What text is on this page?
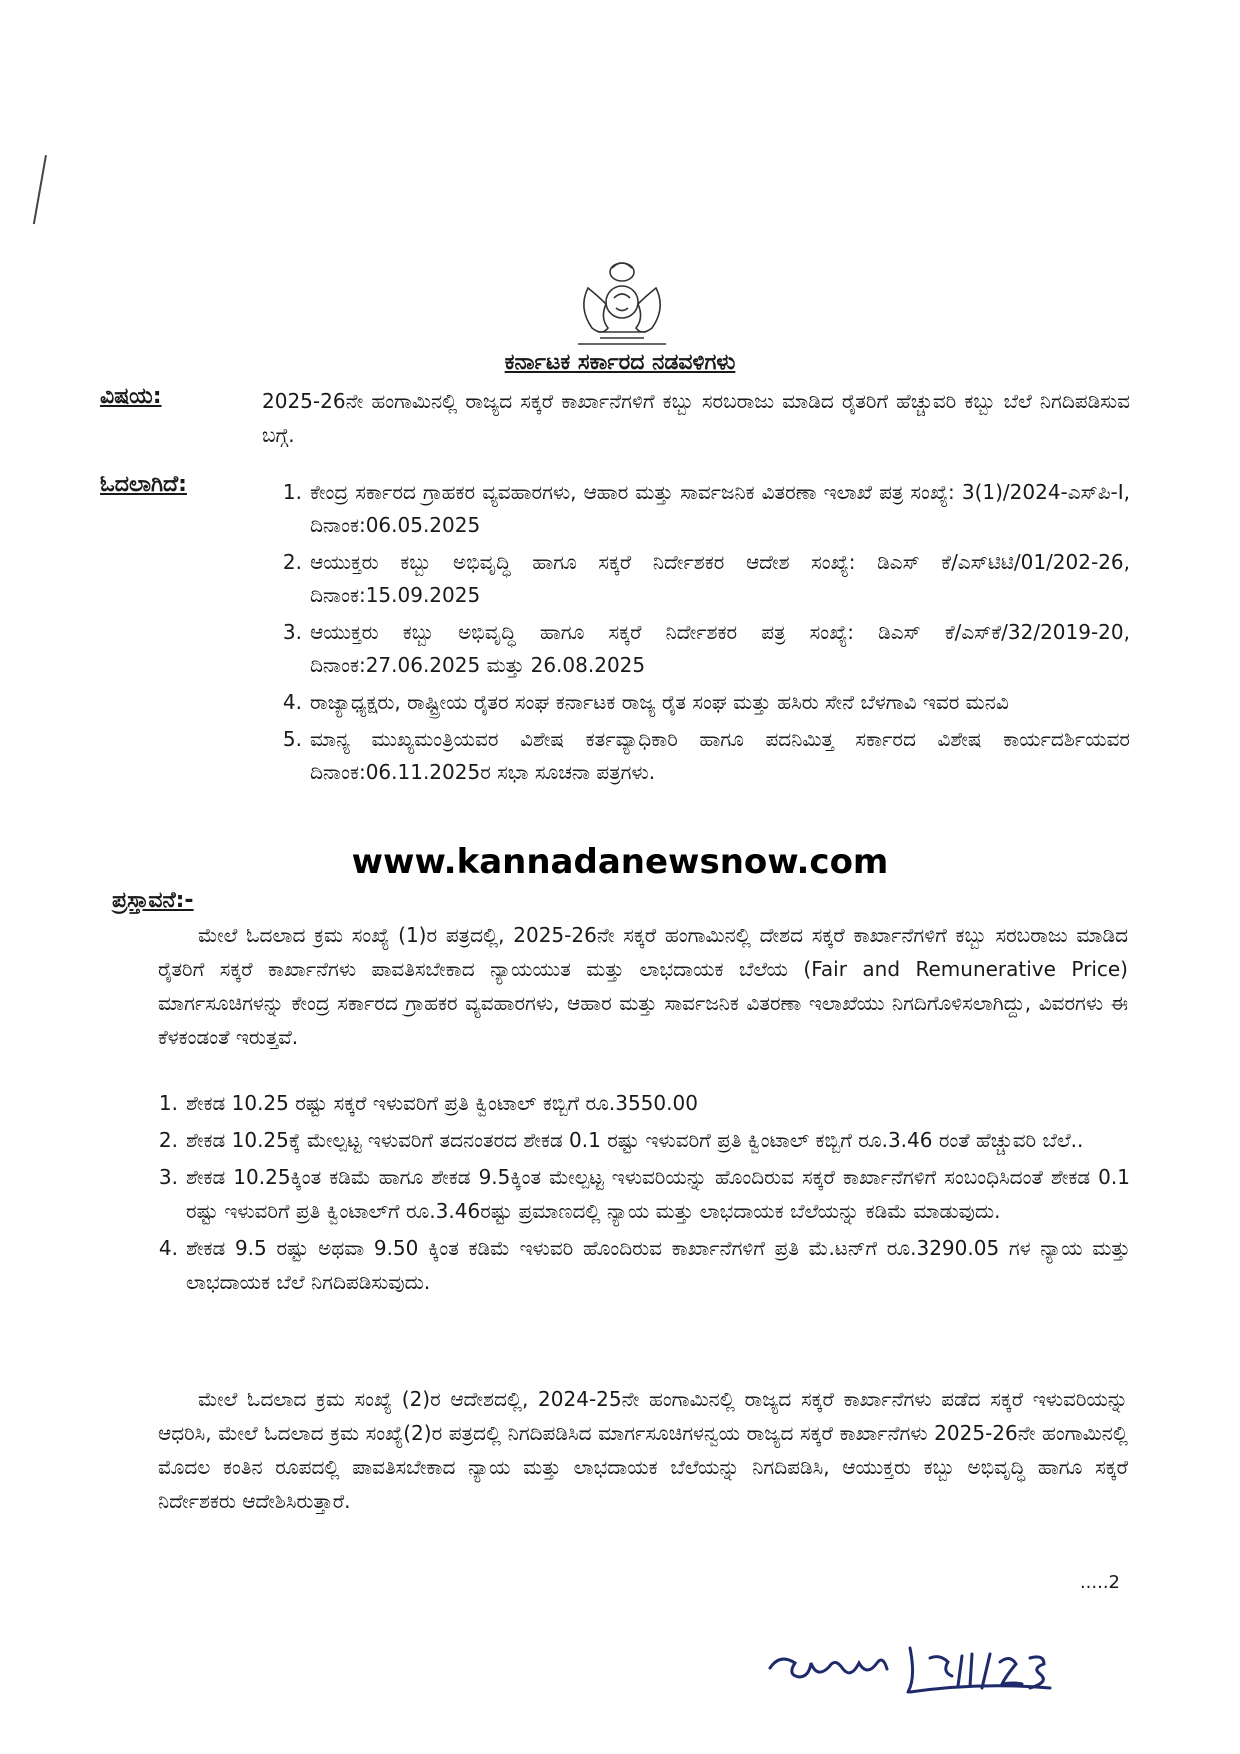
ಕರ್ನಾಟಕ ಸರ್ಕಾರದ ನಡವಳಿಗಳು
ವಿಷಯ:	2025-26ನೇ ಹಂಗಾಮಿನಲ್ಲಿ ರಾಜ್ಯದ ಸಕ್ಕರೆ ಕಾರ್ಖಾನೆಗಳಿಗೆ ಕಬ್ಬು ಸರಬರಾಜು ಮಾಡಿದ ರೈತರಿಗೆ ಹೆಚ್ಚುವರಿ ಕಬ್ಬು ಬೆಲೆ ನಿಗದಿಪಡಿಸುವ ಬಗ್ಗೆ.
ಓದಲಾಗಿದೆ:	1. ಕೇಂದ್ರ ಸರ್ಕಾರದ ಗ್ರಾಹಕರ ವ್ಯವಹಾರಗಳು, ಆಹಾರ ಮತ್ತು ಸಾರ್ವಜನಿಕ ವಿತರಣಾ ಇಲಾಖೆ ಪತ್ರ ಸಂಖ್ಯೆ: 3(1)/2024-ಎಸ್‌ಪಿ-I, ದಿನಾಂಕ:06.05.2025
2. ಆಯುಕ್ತರು ಕಬ್ಬು ಅಭಿವೃದ್ಧಿ ಹಾಗೂ ಸಕ್ಕರೆ ನಿರ್ದೇಶಕರ ಆದೇಶ ಸಂಖ್ಯೆ: ಡಿಎಸ್ ಕೆ/ಎಸ್‌ಟಿಟಿ/01/202-26, ದಿನಾಂಕ:15.09.2025
3. ಆಯುಕ್ತರು ಕಬ್ಬು ಅಭಿವೃದ್ಧಿ ಹಾಗೂ ಸಕ್ಕರೆ ನಿರ್ದೇಶಕರ ಪತ್ರ ಸಂಖ್ಯೆ: ಡಿಎಸ್ ಕೆ/ಎಸ್‌ಕೆ/32/2019-20, ದಿನಾಂಕ:27.06.2025 ಮತ್ತು 26.08.2025
4. ರಾಜ್ಯಾಧ್ಯಕ್ಷರು, ರಾಷ್ಟ್ರೀಯ ರೈತರ ಸಂಘ ಕರ್ನಾಟಕ ರಾಜ್ಯ ರೈತ ಸಂಘ ಮತ್ತು ಹಸಿರು ಸೇನೆ ಬೆಳಗಾವಿ ಇವರ ಮನವಿ
5. ಮಾನ್ಯ ಮುಖ್ಯಮಂತ್ರಿಯವರ ವಿಶೇಷ ಕರ್ತವ್ಯಾಧಿಕಾರಿ ಹಾಗೂ ಪದನಿಮಿತ್ತ ಸರ್ಕಾರದ ವಿಶೇಷ ಕಾರ್ಯದರ್ಶಿಯವರ ದಿನಾಂಕ:06.11.2025ರ ಸಭಾ ಸೂಚನಾ ಪತ್ರಗಳು.
www.kannadanewsnow.com
ಪ್ರಸ್ತಾವನೆ:-
ಮೇಲೆ ಓದಲಾದ ಕ್ರಮ ಸಂಖ್ಯೆ (1)ರ ಪತ್ರದಲ್ಲಿ, 2025-26ನೇ ಸಕ್ಕರೆ ಹಂಗಾಮಿನಲ್ಲಿ ದೇಶದ ಸಕ್ಕರೆ ಕಾರ್ಖಾನೆಗಳಿಗೆ ಕಬ್ಬು ಸರಬರಾಜು ಮಾಡಿದ ರೈತರಿಗೆ ಸಕ್ಕರೆ ಕಾರ್ಖಾನೆಗಳು ಪಾವತಿಸಬೇಕಾದ ನ್ಯಾಯಯುತ ಮತ್ತು ಲಾಭದಾಯಕ ಬೆಲೆಯ (Fair and Remunerative Price) ಮಾರ್ಗಸೂಚಿಗಳನ್ನು ಕೇಂದ್ರ ಸರ್ಕಾರದ ಗ್ರಾಹಕರ ವ್ಯವಹಾರಗಳು, ಆಹಾರ ಮತ್ತು ಸಾರ್ವಜನಿಕ ವಿತರಣಾ ಇಲಾಖೆಯು ನಿಗದಿಗೊಳಿಸಲಾಗಿದ್ದು, ವಿವರಗಳು ಈ ಕೆಳಕಂಡಂತೆ ಇರುತ್ತವೆ.
1. ಶೇಕಡ 10.25 ರಷ್ಟು ಸಕ್ಕರೆ ಇಳುವರಿಗೆ ಪ್ರತಿ ಕ್ವಿಂಟಾಲ್ ಕಬ್ಬಿಗೆ ರೂ.3550.00
2. ಶೇಕಡ 10.25ಕ್ಕೆ ಮೇಲ್ಪಟ್ಟ ಇಳುವರಿಗೆ ತದನಂತರದ ಶೇಕಡ 0.1 ರಷ್ಟು ಇಳುವರಿಗೆ ಪ್ರತಿ ಕ್ವಿಂಟಾಲ್ ಕಬ್ಬಿಗೆ ರೂ.3.46 ರಂತೆ ಹೆಚ್ಚುವರಿ ಬೆಲೆ..
3. ಶೇಕಡ 10.25ಕ್ಕಿಂತ ಕಡಿಮೆ ಹಾಗೂ ಶೇಕಡ 9.5ಕ್ಕಿಂತ ಮೇಲ್ಪಟ್ಟ ಇಳುವರಿಯನ್ನು ಹೊಂದಿರುವ ಸಕ್ಕರೆ ಕಾರ್ಖಾನೆಗಳಿಗೆ ಸಂಬಂಧಿಸಿದಂತೆ ಶೇಕಡ 0.1 ರಷ್ಟು ಇಳುವರಿಗೆ ಪ್ರತಿ ಕ್ವಿಂಟಾಲ್‌ಗೆ ರೂ.3.46ರಷ್ಟು ಪ್ರಮಾಣದಲ್ಲಿ ನ್ಯಾಯ ಮತ್ತು ಲಾಭದಾಯಕ ಬೆಲೆಯನ್ನು ಕಡಿಮೆ ಮಾಡುವುದು.
4. ಶೇಕಡ 9.5 ರಷ್ಟು ಅಥವಾ 9.50 ಕ್ಕಿಂತ ಕಡಿಮೆ ಇಳುವರಿ ಹೊಂದಿರುವ ಕಾರ್ಖಾನೆಗಳಿಗೆ ಪ್ರತಿ ಮೆ.ಟನ್‌ಗೆ ರೂ.3290.05 ಗಳ ನ್ಯಾಯ ಮತ್ತು ಲಾಭದಾಯಕ ಬೆಲೆ ನಿಗದಿಪಡಿಸುವುದು.
ಮೇಲೆ ಓದಲಾದ ಕ್ರಮ ಸಂಖ್ಯೆ (2)ರ ಆದೇಶದಲ್ಲಿ, 2024-25ನೇ ಹಂಗಾಮಿನಲ್ಲಿ ರಾಜ್ಯದ ಸಕ್ಕರೆ ಕಾರ್ಖಾನೆಗಳು ಪಡೆದ ಸಕ್ಕರೆ ಇಳುವರಿಯನ್ನು ಆಧರಿಸಿ, ಮೇಲೆ ಓದಲಾದ ಕ್ರಮ ಸಂಖ್ಯೆ(2)ರ ಪತ್ರದಲ್ಲಿ ನಿಗದಿಪಡಿಸಿದ ಮಾರ್ಗಸೂಚಿಗಳನ್ವಯ ರಾಜ್ಯದ ಸಕ್ಕರೆ ಕಾರ್ಖಾನೆಗಳು 2025-26ನೇ ಹಂಗಾಮಿನಲ್ಲಿ ಮೊದಲ ಕಂತಿನ ರೂಪದಲ್ಲಿ ಪಾವತಿಸಬೇಕಾದ ನ್ಯಾಯ ಮತ್ತು ಲಾಭದಾಯಕ ಬೆಲೆಯನ್ನು ನಿಗದಿಪಡಿಸಿ, ಆಯುಕ್ತರು ಕಬ್ಬು ಅಭಿವೃದ್ಧಿ ಹಾಗೂ ಸಕ್ಕರೆ ನಿರ್ದೇಶಕರು ಆದೇಶಿಸಿರುತ್ತಾರೆ.
.....2
